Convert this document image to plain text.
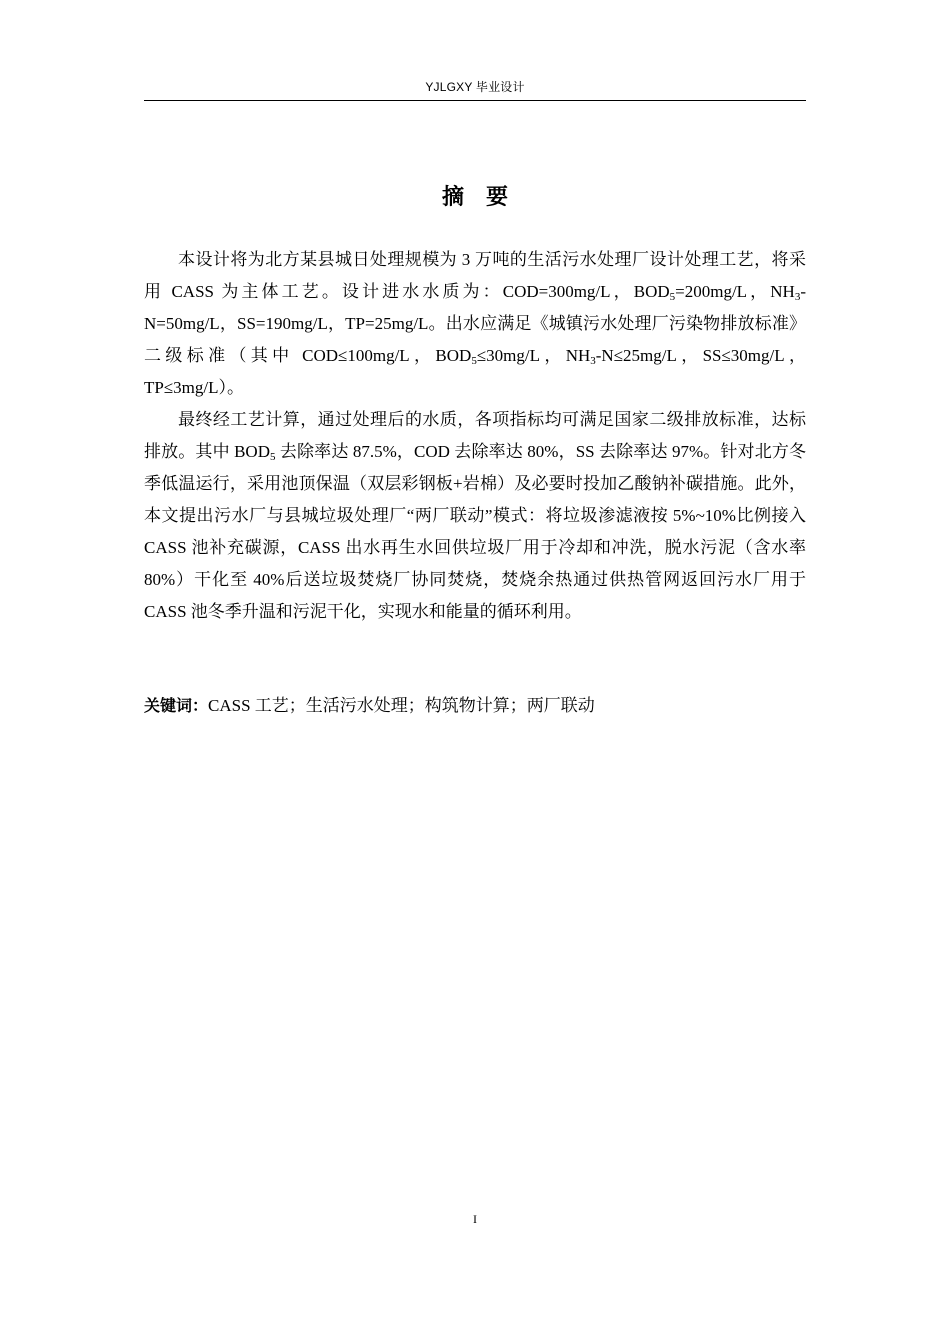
YJLGXY 毕业设计
摘要

本设计将为北方某县城日处理规模为 3 万吨的生活污水处理厂设计处理工艺，将采用 CASS 为主体工艺。设计进水水质为：COD=300mg/L，$BOD_5=200mg/L$，$NH_3-N=50mg/L$，SS=190mg/L，TP=25mg/L。出水应满足《城镇污水处理厂污染物排放标准》二级标准（其中 COD≤100mg/L，$BOD_5\le 30mg/L$，$NH_3-N\le 25mg/L$，SS≤30mg/L，TP≤3mg/L）。

最终经工艺计算，通过处理后的水质，各项指标均可满足国家二级排放标准，达标排放。其中 $BOD_5$ 去除率达 87.5%，COD 去除率达 80%，SS 去除率达 97%。针对北方冬季低温运行，采用池顶保温（双层彩钢板+岩棉）及必要时投加乙酸钠补碳措施。此外，本文提出污水厂与县城垃圾处理厂“两厂联动”模式：将垃圾渗滤液按 5%~10%比例接入 CASS 池补充碳源，CASS 出水再生水回供垃圾厂用于冷却和冲洗，脱水污泥（含水率 80%）干化至 40%后送垃圾焚烧厂协同焚烧，焚烧余热通过供热管网返回污水厂用于 CASS 池冬季升温和污泥干化，实现水和能量的循环利用。

关键词：CASS 工艺；生活污水处理；构筑物计算；两厂联动
I
